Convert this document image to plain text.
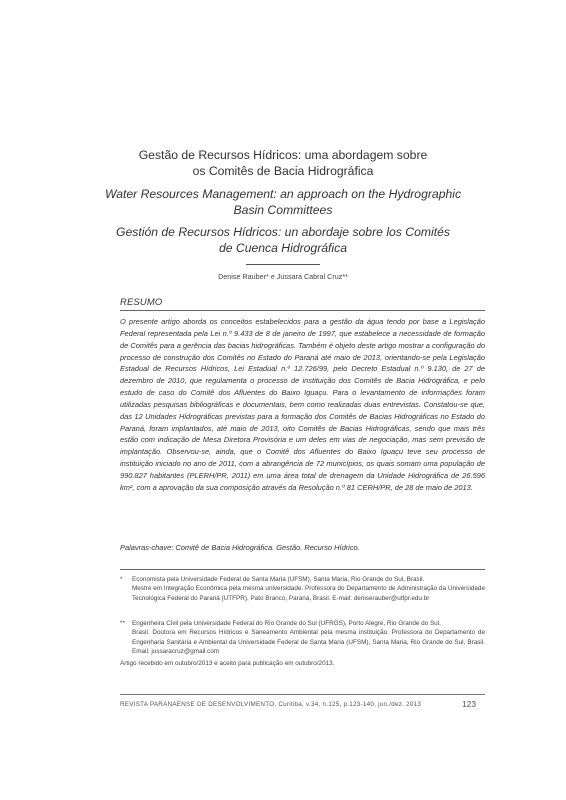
Gestão de Recursos Hídricos: uma abordagem sobre
os Comitês de Bacia Hidrográfica
Water Resources Management: an approach on the Hydrographic
Basin Committees
Gestión de Recursos Hídricos: un abordaje sobre los Comités
de Cuenca Hidrográfica
Denise Rauber* e Jussara Cabral Cruz**
RESUMO

O presente artigo aborda os conceitos estabelecidos para a gestão da água tendo por base a Legislação Federal representada pela Lei n.º 9.433 de 8 de janeiro de 1997, que estabelece a necessidade de formação de Comitês para a gerência das bacias hidrográficas. Também é objeto deste artigo mostrar a configuração do processo de construção dos Comitês no Estado do Paraná até maio de 2013, orientando-se pela Legislação Estadual de Recursos Hídricos, Lei Estadual n.º 12.726/99, pelo Decreto Estadual n.º 9.130, de 27 de dezembro de 2010, que regulamenta o processo de instituição dos Comitês de Bacia Hidrográfica, e pelo estudo de caso do Comitê dos Afluentes do Baixo Iguaçu. Para o levantamento de informações foram utilizadas pesquisas bibliográficas e documentais, bem como realizadas duas entrevistas. Constatou-se que, das 12 Unidades Hidrográficas previstas para a formação dos Comitês de Bacias Hidrográficas no Estado do Paraná, foram implantados, até maio de 2013, oito Comitês de Bacias Hidrográficas, sendo que mais três estão com indicação de Mesa Diretora Provisória e um deles em vias de negociação, mas sem previsão de implantação. Observou-se, ainda, que o Comitê dos Afluentes do Baixo Iguaçu teve seu processo de instituição iniciado no ano de 2011, com a abrangência de 72 municípios, os quais somam uma população de 990.827 habitantes (PLERH/PR, 2011) em uma área total de drenagem da Unidade Hidrográfica de 26.596 km², com a aprovação da sua composição através da Resolução n.º 81 CERH/PR, de 28 de maio de 2013.

Palavras-chave: Comitê de Bacia Hidrográfica. Gestão. Recurso Hídrico.

* Economista pela Universidade Federal de Santa Maria (UFSM), Santa Maria, Rio Grande do Sul, Brasil.
Mestre em Integração Econômica pela mesma universidade. Professora do Departamento de Administração da Universidade Tecnológica Federal do Paraná (UTFPR), Pato Branco, Paraná, Brasil. E-mail: deniserauber@utfpr.edu.br

** Engenheira Civil pela Universidade Federal do Rio Grande do Sul (UFRGS), Porto Alegre, Rio Grande do Sul,
Brasil. Doutora em Recursos Hídricos e Saneamento Ambiental pela mesma instituição. Professora do Departamento de Engenharia Sanitária e Ambiental da Universidade Federal de Santa Maria (UFSM), Santa Maria, Rio Grande do Sul, Brasil. Email: jussaracruz@gmail.com

Artigo recebido em outubro/2013 e aceito para publicação em outubro/2013.

REVISTA PARANAENSE DE DESENVOLVIMENTO, Curitiba, v.34, n.125, p.123-140, jun./dez. 2013	123
